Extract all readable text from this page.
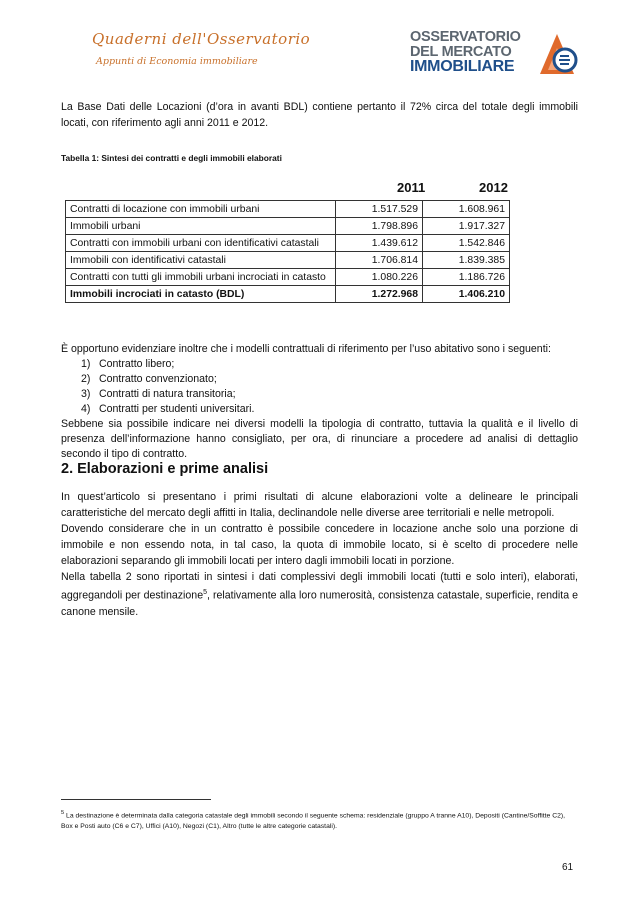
Quaderni dell'Osservatorio
Appunti di Economia immobiliare
OSSERVATORIO
DEL MERCATO
IMMOBILIARE

La Base Dati delle Locazioni (d’ora in avanti BDL) contiene pertanto il 72% circa del totale degli immobili locati, con riferimento agli anni 2011 e 2012.

Tabella 1: Sintesi dei contratti e degli immobili elaborati
2011	2012
Contratti di locazione con immobili urbani	1.517.529	1.608.961
Immobili urbani	1.798.896	1.917.327
Contratti con immobili urbani con identificativi catastali	1.439.612	1.542.846
Immobili con identificativi catastali	1.706.814	1.839.385
Contratti con tutti gli immobili urbani incrociati in catasto	1.080.226	1.186.726
Immobili incrociati in catasto (BDL)	1.272.968	1.406.210
È opportuno evidenziare inoltre che i modelli contrattuali di riferimento per l’uso abitativo sono i seguenti:
1) Contratto libero;
2) Contratto convenzionato;
3) Contratti di natura transitoria;
4) Contratti per studenti universitari.
Sebbene sia possibile indicare nei diversi modelli la tipologia di contratto, tuttavia la qualità e il livello di presenza dell’informazione hanno consigliato, per ora, di rinunciare a procedere ad analisi di dettaglio secondo il tipo di contratto.
2. Elaborazioni e prime analisi

In quest’articolo si presentano i primi risultati di alcune elaborazioni volte a delineare le principali caratteristiche del mercato degli affitti in Italia, declinandole nelle diverse aree territoriali e nelle metropoli.

Dovendo considerare che in un contratto è possibile concedere in locazione anche solo una porzione di immobile e non essendo nota, in tal caso, la quota di immobile locato, si è scelto di procedere nelle elaborazioni separando gli immobili locati per intero dagli immobili locati in porzione.

Nella tabella 2 sono riportati in sintesi i dati complessivi degli immobili locati (tutti e solo interi), elaborati, aggregandoli per destinazione$^5$, relativamente alla loro numerosità, consistenza catastale, superficie, rendita e canone mensile.

$^5$ La destinazione è determinata dalla categoria catastale degli immobili secondo il seguente schema: residenziale (gruppo A tranne A10), Depositi (Cantine/Soffitte C2), Box e Posti auto (C6 e C7), Uffici (A10), Negozi (C1), Altro (tutte le altre categorie catastali).
61
